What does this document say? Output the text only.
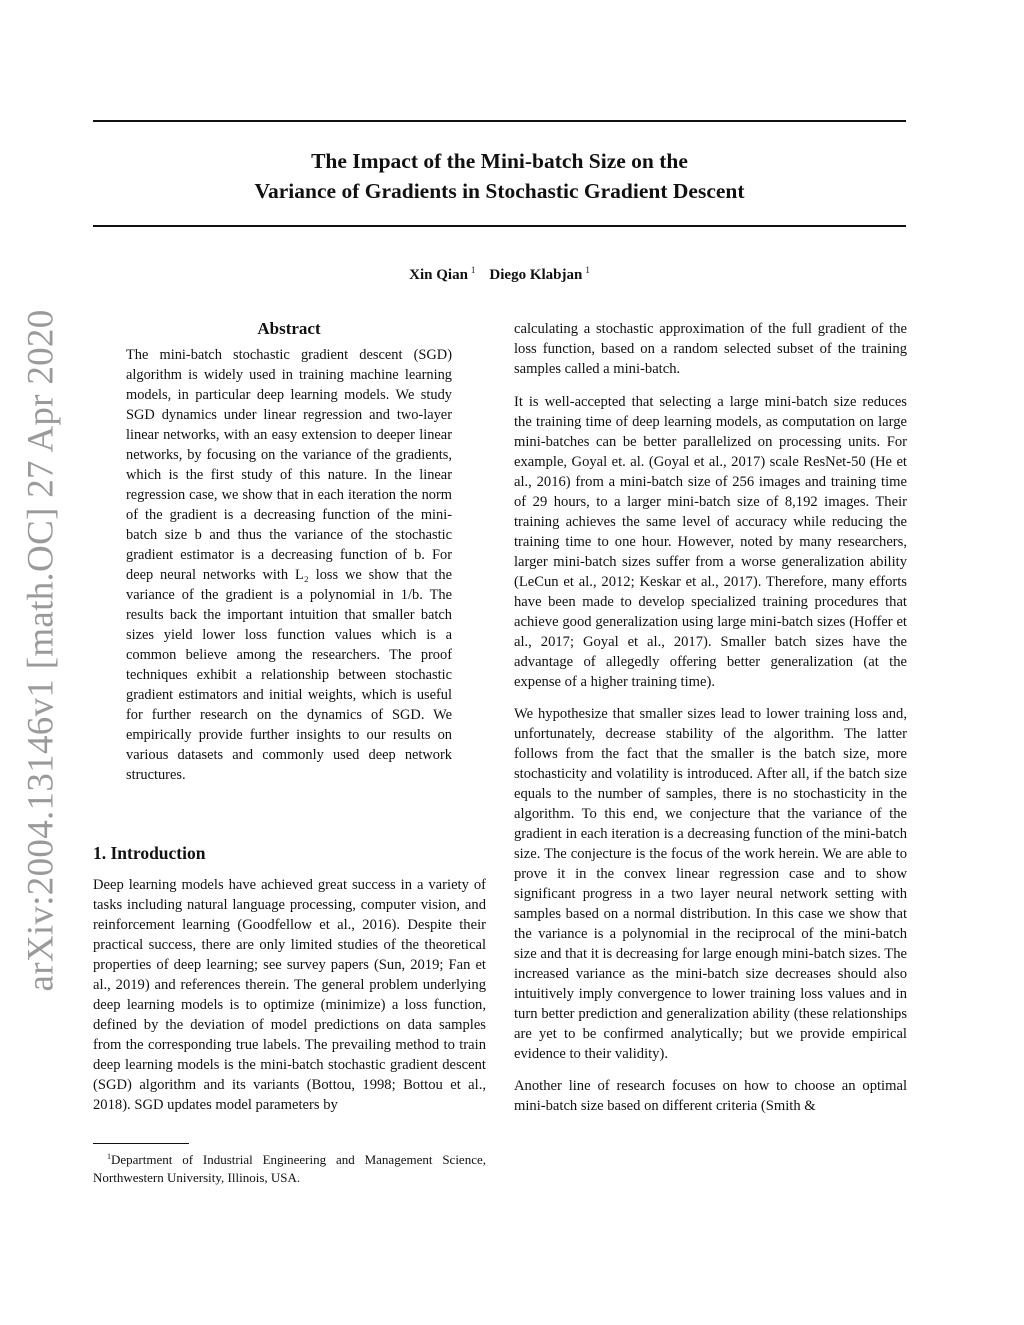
The Impact of the Mini-batch Size on the
Variance of Gradients in Stochastic Gradient Descent
Xin Qian $^1$ Diego Klabjan $^1$
arXiv:2004.13146v1 [math.OC] 27 Apr 2020	Abstract
The mini-batch stochastic gradient descent (SGD) algorithm is widely used in training machine learning models, in particular deep learning models. We study SGD dynamics under linear regression and two-layer linear networks, with an easy extension to deeper linear networks, by focusing on the variance of the gradients, which is the first study of this nature. In the linear regression case, we show that in each iteration the norm of the gradient is a decreasing function of the mini-batch size b and thus the variance of the stochastic gradient estimator is a decreasing function of b. For deep neural networks with L₂ loss we show that the variance of the gradient is a polynomial in 1/b. The results back the important intuition that smaller batch sizes yield lower loss function values which is a common believe among the researchers. The proof techniques exhibit a relationship between stochastic gradient estimators and initial weights, which is useful for further research on the dynamics of SGD. We empirically provide further insights to our results on various datasets and commonly used deep network structures.
1. Introduction
Deep learning models have achieved great success in a variety of tasks including natural language processing, computer vision, and reinforcement learning (Goodfellow et al., 2016). Despite their practical success, there are only limited studies of the theoretical properties of deep learning; see survey papers (Sun, 2019; Fan et al., 2019) and references therein. The general problem underlying deep learning models is to optimize (minimize) a loss function, defined by the deviation of model predictions on data samples from the corresponding true labels. The prevailing method to train deep learning models is the mini-batch stochastic gradient descent (SGD) algorithm and its variants (Bottou, 1998; Bottou et al., 2018). SGD updates model parameters by
$^1$Department of Industrial Engineering and Management Science, Northwestern University, Illinois, USA.

calculating a stochastic approximation of the full gradient of the loss function, based on a random selected subset of the training samples called a mini-batch.

It is well-accepted that selecting a large mini-batch size reduces the training time of deep learning models, as computation on large mini-batches can be better parallelized on processing units. For example, Goyal et. al. (Goyal et al., 2017) scale ResNet-50 (He et al., 2016) from a mini-batch size of 256 images and training time of 29 hours, to a larger mini-batch size of 8,192 images. Their training achieves the same level of accuracy while reducing the training time to one hour. However, noted by many researchers, larger mini-batch sizes suffer from a worse generalization ability (LeCun et al., 2012; Keskar et al., 2017). Therefore, many efforts have been made to develop specialized training procedures that achieve good generalization using large mini-batch sizes (Hoffer et al., 2017; Goyal et al., 2017). Smaller batch sizes have the advantage of allegedly offering better generalization (at the expense of a higher training time).

We hypothesize that smaller sizes lead to lower training loss and, unfortunately, decrease stability of the algorithm. The latter follows from the fact that the smaller is the batch size, more stochasticity and volatility is introduced. After all, if the batch size equals to the number of samples, there is no stochasticity in the algorithm. To this end, we conjecture that the variance of the gradient in each iteration is a decreasing function of the mini-batch size. The conjecture is the focus of the work herein. We are able to prove it in the convex linear regression case and to show significant progress in a two layer neural network setting with samples based on a normal distribution. In this case we show that the variance is a polynomial in the reciprocal of the mini-batch size and that it is decreasing for large enough mini-batch sizes. The increased variance as the mini-batch size decreases should also intuitively imply convergence to lower training loss values and in turn better prediction and generalization ability (these relationships are yet to be confirmed analytically; but we provide empirical evidence to their validity).

Another line of research focuses on how to choose an optimal mini-batch size based on different criteria (Smith &
